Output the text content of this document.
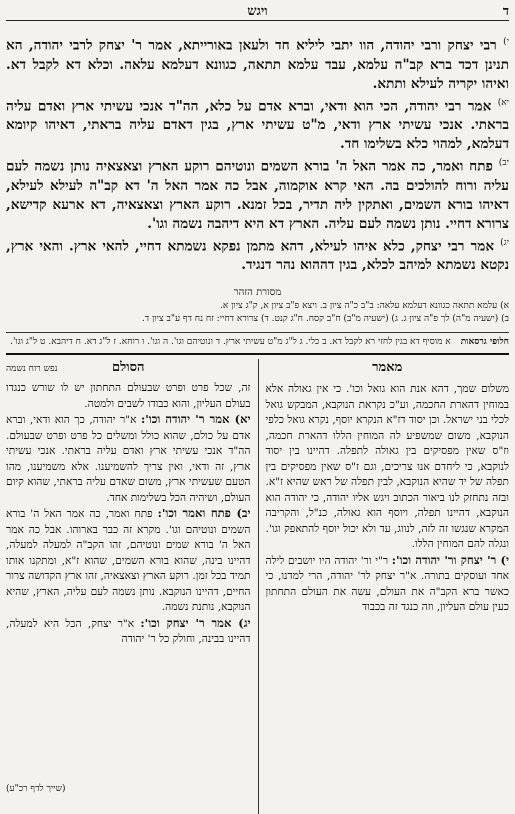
ד
ויגש

$^{י)}$ רבי יצחק ורבי יהודה, הוו יתבי ליליא חד ולעאן באורייתא, אמר ר' יצחק לרבי יהודה, הא תנינן דכד ברא קב"ה עלמא, עבד עלמא תתאה, כגוונא דעלמא עלאה. וכלא דא לקבל דא. ואיהו יקריה לעילא ותתא.

$^{יא)}$ אמר רבי יהודה, הכי הוא ודאי, וברא אדם על כלא, הה"ד אנכי עשיתי ארץ ואדם עליה בראתי. אנכי עשיתי ארץ ודאי, מ"ט עשיתי ארץ, בגין דאדם עליה בראתי, דאיהו קיומא דעלמא, למהוי כלא בשלימו חד.

$^{יב)}$ פתח ואמר, כה אמר האל ה' בורא השמים ונוטיהם רוקע הארץ וצאצאיה נותן נשמה לעם עליה ורוח להולכים בה. האי קרא אוקמוה, אבל כה אמר האל ה' דא קב"ה לעילא לעילא, דאיהו בורא השמים, ואתקין ליה תדיר, בכל זמנא. רוקע הארץ וצאצאיה, דא ארעא קדישא, צרורא דחיי. נותן נשמה לעם עליה. הארץ דא היא דיהבה נשמה וגו'.

$^{יג)}$ אמר רבי יצחק, כלא איהו לעילא, דהא מתמן נפקא נשמתא דחיי, להאי ארץ. והאי ארץ, נקטא נשמתא למיהב לכלא, בגין דההוא נהר דנגיד.

מסורת הזהר

א) עלמא תתאה כגוונא דעלמא עלאה: ב"ב כ"ה ציון ב. ויצא פ"ב ציון א, ק"ג ציון א.

ב) (ישעיה מ"ה) לך פ"ה ציון ג. ג) (ישעיה מ"ב) ח"ב קסח. ח"ג קנט. ד) צרורא דחיי: זח נח דף ע"ב ציון ד.

חלופי גרסאות
א מוסיף דא בגין לחזי רא לקבל דא. ב כלי. ג ל"ג מ"ט עשיתי ארץ. ד ונוטיהם וגו'. ה וגו'. ו רוחא. ז ל"ג דא. ח דיהבא. ט ל"ג וגו'.
מאמר

משלום שמך, דהא אנת הוא גואל וכו'. כי אין גאולה אלא במוחין דהארת החכמה, וע"כ נקראת הנוקבא, המבקש גואל לכלי בני ישראל. וכן יסוד דז"א הנקרא יוסף, נקרא גואל כלפי הנוקבא, משום שמשפיע לה המוחין הללו דהארת חכמה, וז"ס שאין מפסיקים בין גאולה לתפלה. דהיינו בין יסוד לנוקבא, כי ליחדם אנו צריכים, וגם ז"ס שאין מפסיקים בין תפלה של יד שהיא הנוקבא, לבין תפלה של ראש שהיא ז"א. ובזה נתחזק לנו ביאור הכתוב ויגש אליו יהודה, כי יהודה הוא הנוקבא, דהיינו תפלה, ויוסף הוא גאולה, כנ"ל, והקריבה המקרא שנגשו זה לזה, לנווג, עד ולא יכול יוסף להתאפק וגו'. ונגלה להם המוחין הללו.

י) ר' יצחק ור' יהודה וכו': ר"י ור' יהודה היו יושבים לילה אחד ועוסקים בתורה. א"ר יצחק לר' יהודה, הרי למדנו, כי כאשר ברא הקב"ה את העולם, עשה את העולם התחתון כעין עולם העליון, וזה כנגד זה בכבוד

הסולם
נפש רוח נשמה

זה, שכל פרט ופרט שבעולם התחתון יש לו שורש כנגדו בעולם העליון, והוא כבודו לשבים ולמטה.

יא) אמר ר' יהודה וכו': א"ר יהודה, כך הוא ודאי, וברא אדם על כולם, שהוא כולל ומשלים כל פרט ופרט שבעולם. הה"ד אנכי עשיתי ארץ ואדם עליה בראתי. אנכי עשיתי ארץ, זה ודאי, ואין צריך להשמיענו. אלא משמיענו, מהו הטעם שעשיתי ארץ, משום שאדם עליה בראתי, שהוא קיום העולם, ושיהיה הכל בשלימות אחד.

יב) פתח ואמר וכו': פתח ואמר, כה אמר האל ה' בורא השמים ונוטיהם וגו'. מקרא זה כבר בארוהו. אבל כה אמר האל ה' בורא שמים ונוטיהם, זהו הקב"ה למעלה למעלה, דהיינו בינה, שהוא בורא השמים, שהוא ז"א, ומתקנו אותו תמיד בכל זמן. רוקע הארץ וצאצאיה, זהו ארץ הקדושה צרור החיים, דהיינו הנוקבא. נותן נשמה לעם עליה, הארץ, שהיא הנוקבא, נותנת נשמה.

יג) אמר ר' יצחק וכו': א"ר יצחק, הכל היא למעלה, דהיינו בבינה, וחולק כל ר' יהודה

(שייך לדף רכ"ע)
